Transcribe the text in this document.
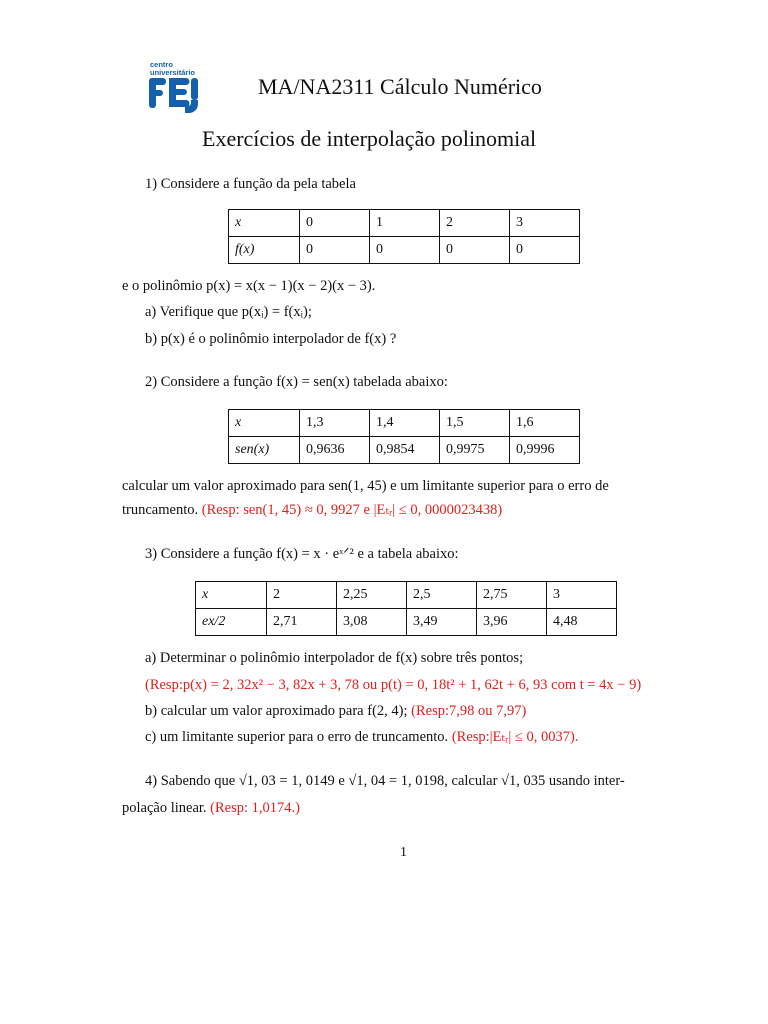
centro
universitário
MA/NA2311 Cálculo Numérico
Exercícios de interpolação polinomial
1) Considere a função da pela tabela
x	0	1	2	3
f(x)	0	0	0	0
e o polinômio p(x) = x(x − 1)(x − 2)(x − 3).
a) Verifique que p(xᵢ) = f(xᵢ);
b) p(x) é o polinômio interpolador de f(x) ?
2) Considere a função f(x) = sen(x) tabelada abaixo:
x	1,3	1,4	1,5	1,6
sen(x)	0,9636	0,9854	0,9975	0,9996
calcular um valor aproximado para sen(1, 45) e um limitante superior para o erro de
truncamento. (Resp: sen(1, 45) ≈ 0, 9927 e |Eₜᵣ| ≤ 0, 0000023438)
3) Considere a função f(x) = x · eˣᐟ² e a tabela abaixo:
x	2	2,25	2,5	2,75	3
ex/2	2,71	3,08	3,49	3,96	4,48
a) Determinar o polinômio interpolador de f(x) sobre três pontos;
(Resp:p(x) = 2, 32x² − 3, 82x + 3, 78 ou p(t) = 0, 18t² + 1, 62t + 6, 93 com t = 4x − 9)
b) calcular um valor aproximado para f(2, 4); (Resp:7,98 ou 7,97)
c) um limitante superior para o erro de truncamento. (Resp:|Eₜᵣ| ≤ 0, 0037).
4) Sabendo que √1, 03 = 1, 0149 e √1, 04 = 1, 0198, calcular √1, 035 usando inter-
polação linear. (Resp: 1,0174.)
1
